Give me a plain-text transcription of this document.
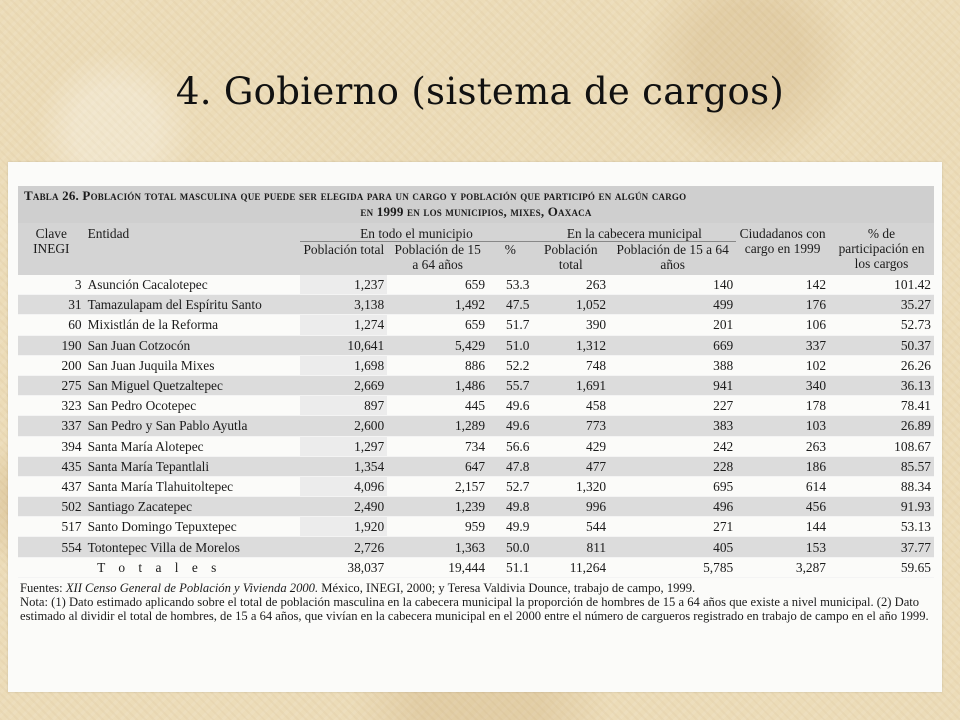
4. Gobierno (sistema de cargos)
Tabla 26. Población total masculina que puede ser elegida para un cargo y población que participó en algún cargo
en 1999 en los municipios, mixes, Oaxaca
Clave INEGI	Entidad	En todo el municipio			En la cabecera municipal		Ciudadanos con cargo en 1999	% de participación en los cargos
		Población total	Población de 15 a 64 años	%	Población total	Población de 15 a 64 años		
3	Asunción Cacalotepec	1,237	659	53.3	263	140	142	101.42
31	Tamazulapam del Espíritu Santo	3,138	1,492	47.5	1,052	499	176	35.27
60	Mixistlán de la Reforma	1,274	659	51.7	390	201	106	52.73
190	San Juan Cotzocón	10,641	5,429	51.0	1,312	669	337	50.37
200	San Juan Juquila Mixes	1,698	886	52.2	748	388	102	26.26
275	San Miguel Quetzaltepec	2,669	1,486	55.7	1,691	941	340	36.13
323	San Pedro Ocotepec	897	445	49.6	458	227	178	78.41
337	San Pedro y San Pablo Ayutla	2,600	1,289	49.6	773	383	103	26.89
394	Santa María Alotepec	1,297	734	56.6	429	242	263	108.67
435	Santa María Tepantlali	1,354	647	47.8	477	228	186	85.57
437	Santa María Tlahuitoltepec	4,096	2,157	52.7	1,320	695	614	88.34
502	Santiago Zacatepec	2,490	1,239	49.8	996	496	456	91.93
517	Santo Domingo Tepuxtepec	1,920	959	49.9	544	271	144	53.13
554	Totontepec Villa de Morelos	2,726	1,363	50.0	811	405	153	37.77
T o t a l e s		38,037	19,444	51.1	11,264	5,785	3,287	59.65
Fuentes: XII Censo General de Población y Vivienda 2000. México, INEGI, 2000; y Teresa Valdivia Dounce, trabajo de campo, 1999.
Nota: (1) Dato estimado aplicando sobre el total de población masculina en la cabecera municipal la proporción de hombres de 15 a 64 años que existe a nivel municipal. (2) Dato estimado al dividir el total de hombres, de 15 a 64 años, que vivían en la cabecera municipal en el 2000 entre el número de cargueros registrado en trabajo de campo en el año 1999.
